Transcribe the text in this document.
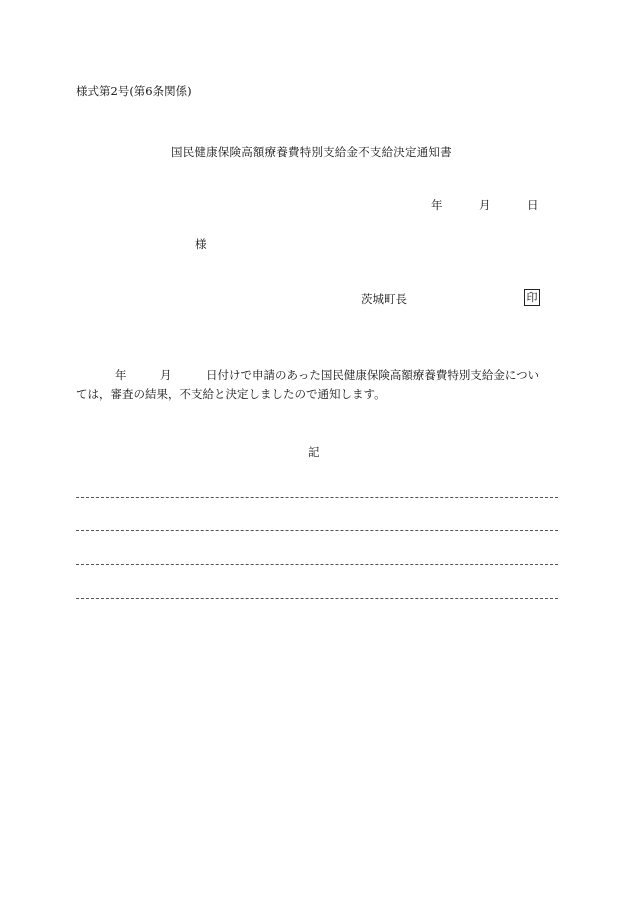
様式第2号(第6条関係)
国民健康保険高額療養費特別支給金不支給決定通知書
年	月	日
様
茨城町長	印
年	月	日付けで申請のあった国民健康保険高額療養費特別支給金につい
ては，審査の結果，不支給と決定しましたので通知します。
記
